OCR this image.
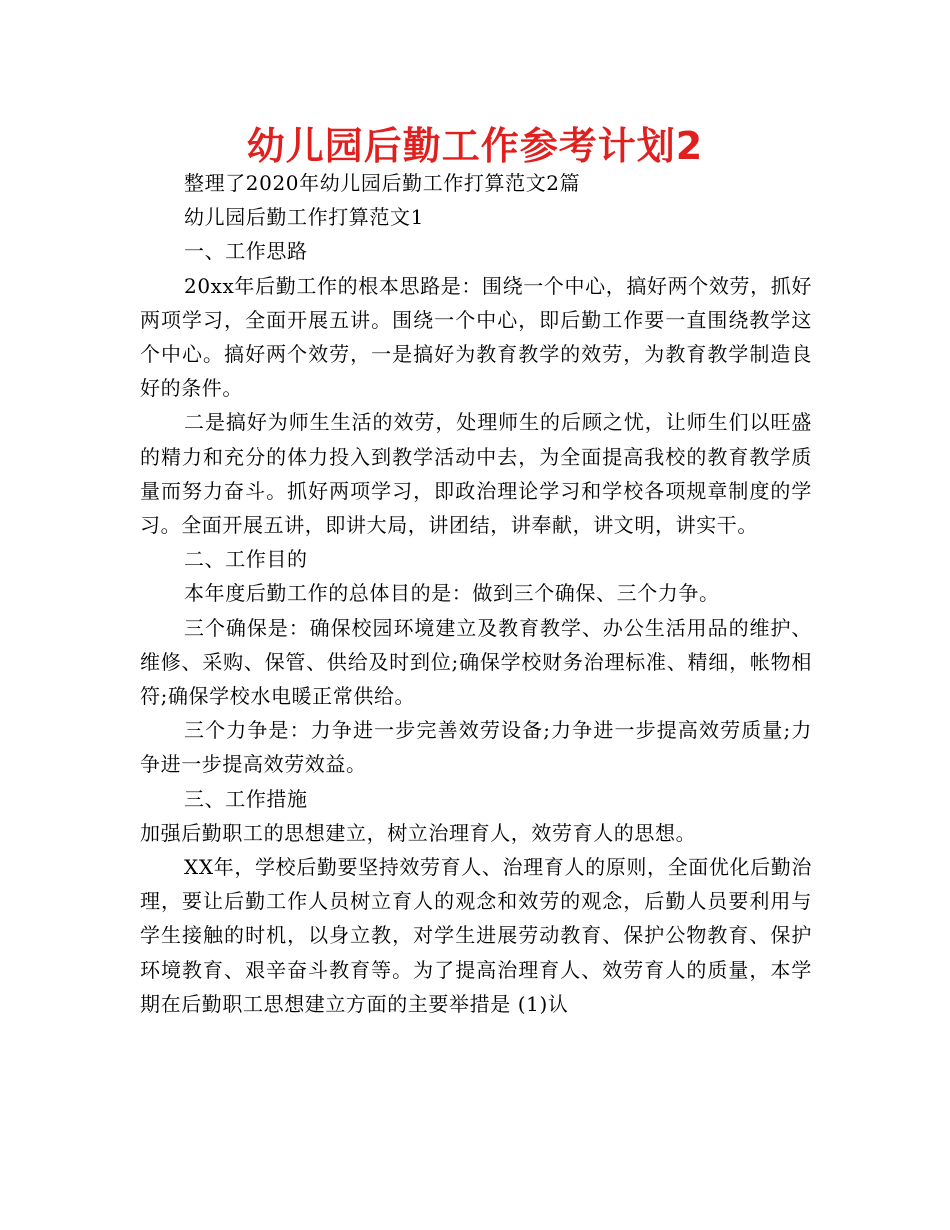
幼儿园后勤工作参考计划2

整理了2020年幼儿园后勤工作打算范文2篇

幼儿园后勤工作打算范文1

一、工作思路

20xx年后勤工作的根本思路是：围绕一个中心，搞好两个效劳，抓好两项学习，全面开展五讲。围绕一个中心，即后勤工作要一直围绕教学这个中心。搞好两个效劳，一是搞好为教育教学的效劳，为教育教学制造良好的条件。

二是搞好为师生生活的效劳，处理师生的后顾之忧，让师生们以旺盛的精力和充分的体力投入到教学活动中去，为全面提高我校的教育教学质量而努力奋斗。抓好两项学习，即政治理论学习和学校各项规章制度的学习。全面开展五讲，即讲大局，讲团结，讲奉献，讲文明，讲实干。

二、工作目的

本年度后勤工作的总体目的是：做到三个确保、三个力争。

三个确保是：确保校园环境建立及教育教学、办公生活用品的维护、维修、采购、保管、供给及时到位;确保学校财务治理标准、精细，帐物相符;确保学校水电暖正常供给。

三个力争是：力争进一步完善效劳设备;力争进一步提高效劳质量;力争进一步提高效劳效益。

三、工作措施

加强后勤职工的思想建立，树立治理育人，效劳育人的思想。

XX年，学校后勤要坚持效劳育人、治理育人的原则，全面优化后勤治理，要让后勤工作人员树立育人的观念和效劳的观念，后勤人员要利用与学生接触的时机，以身立教，对学生进展劳动教育、保护公物教育、保护环境教育、艰辛奋斗教育等。为了提高治理育人、效劳育人的质量，本学期在后勤职工思想建立方面的主要举措是 (1)认
